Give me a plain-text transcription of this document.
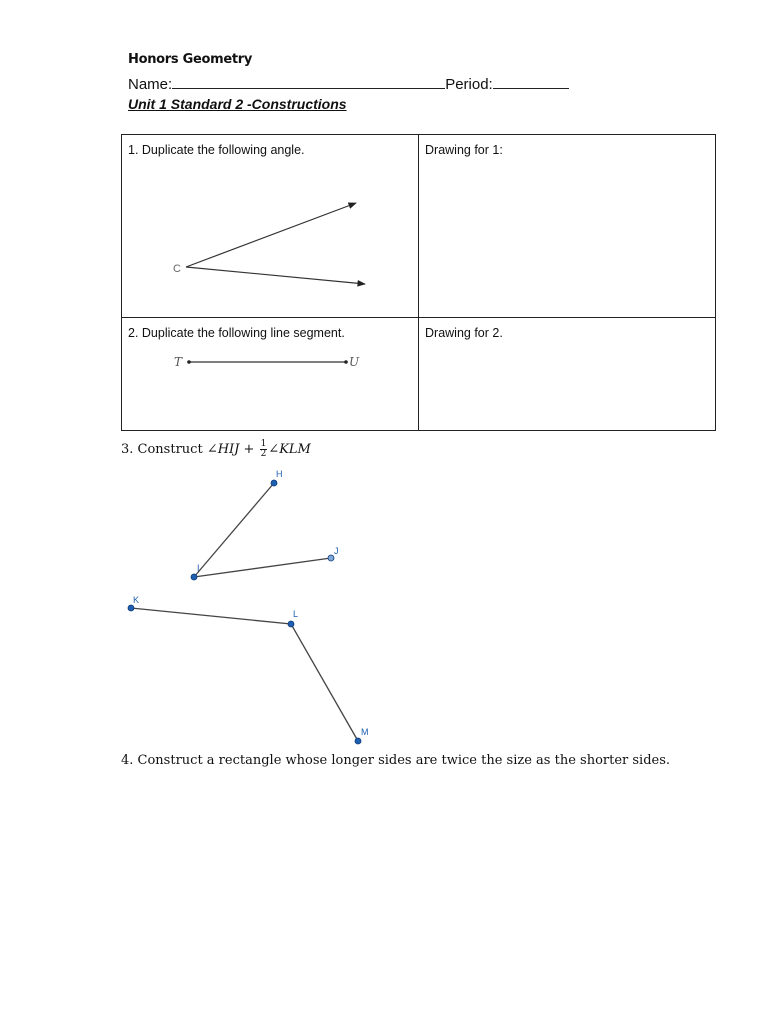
Honors Geometry
Name:	Period:
Unit 1 Standard 2 -Constructions
1. Duplicate the following angle.
C	Drawing for 1:

2. Duplicate the following line segment.
T U	Drawing for 2.
3. Construct ∠HIJ + $\frac{1}{2}$ ∠KLM
H
I
J
K
L
M
4. Construct a rectangle whose longer sides are twice the size as the shorter sides.
